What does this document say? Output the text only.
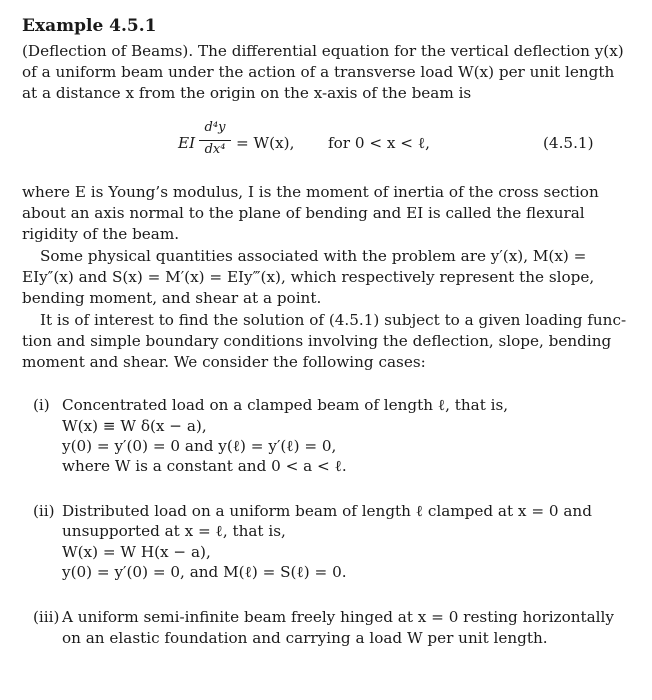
Example 4.5.1
(Deflection of Beams). The differential equation for the vertical deflection y(x)
of a uniform beam under the action of a transverse load W(x) per unit length
at a distance x from the origin on the x-axis of the beam is
EI
d⁴y
dx⁴ = W(x), for 0 < x < ℓ,	(4.5.1)
where E is Young’s modulus, I is the moment of inertia of the cross section
about an axis normal to the plane of bending and EI is called the flexural
rigidity of the beam.
Some physical quantities associated with the problem are y′(x), M(x) =
EIy″(x) and S(x) = M′(x) = EIy‴(x), which respectively represent the slope,
bending moment, and shear at a point.
It is of interest to find the solution of (4.5.1) subject to a given loading func-
tion and simple boundary conditions involving the deflection, slope, bending
moment and shear. We consider the following cases:
(i) Concentrated load on a clamped beam of length ℓ, that is,
W(x) ≡ W δ(x − a),
y(0) = y′(0) = 0 and y(ℓ) = y′(ℓ) = 0,
where W is a constant and 0 < a < ℓ.
(ii) Distributed load on a uniform beam of length ℓ clamped at x = 0 and
unsupported at x = ℓ, that is,
W(x) = W H(x − a),
y(0) = y′(0) = 0, and M(ℓ) = S(ℓ) = 0.
(iii) A uniform semi-infinite beam freely hinged at x = 0 resting horizontally
on an elastic foundation and carrying a load W per unit length.
